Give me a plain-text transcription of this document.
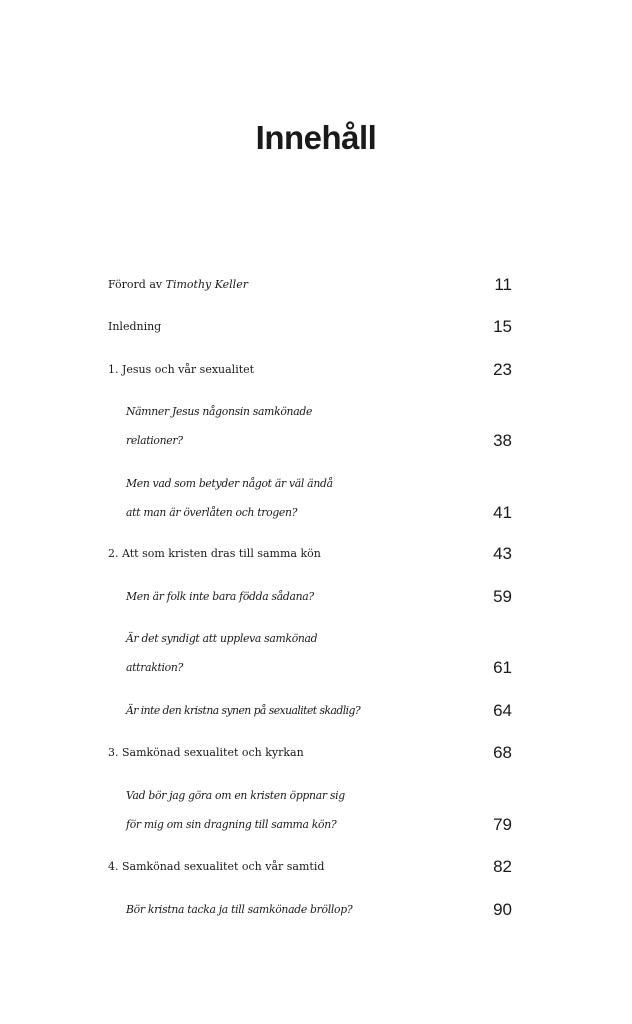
Innehåll
Förord av Timothy Keller	11
Inledning	15
1. Jesus och vår sexualitet	23
Nämner Jesus någonsin samkönade
relationer?	38
Men vad som betyder något är väl ändå
att man är överlåten och trogen?	41
2. Att som kristen dras till samma kön	43
Men är folk inte bara födda sådana?	59
Är det syndigt att uppleva samkönad
attraktion?	61
Är inte den kristna synen på sexualitet skadlig?	64
3. Samkönad sexualitet och kyrkan	68
Vad bör jag göra om en kristen öppnar sig
för mig om sin dragning till samma kön?	79
4. Samkönad sexualitet och vår samtid	82
Bör kristna tacka ja till samkönade bröllop?	90
